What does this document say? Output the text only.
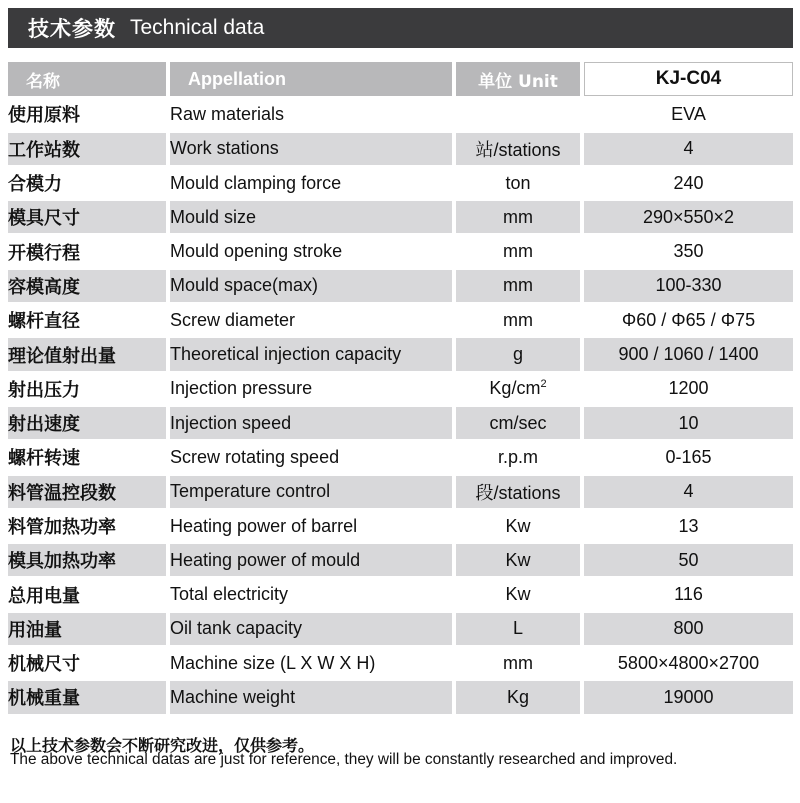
技术参数 Technical data
名称	Appellation	单位 Unit	KJ-C04
使用原料	Raw materials		EVA
工作站数	Work stations	站/stations	4
合模力	Mould clamping force	ton	240
模具尺寸	Mould size	mm	290×550×2
开模行程	Mould opening stroke	mm	350
容模高度	Mould space(max)	mm	100-330
螺杆直径	Screw diameter	mm	Φ60 / Φ65 / Φ75
理论值射出量	Theoretical injection capacity	g	900 / 1060 / 1400
射出压力	Injection pressure	$Kg/cm^2$	1200
射出速度	Injection speed	cm/sec	10
螺杆转速	Screw rotating speed	r.p.m	0-165
料管温控段数	Temperature control	段/stations	4
料管加热功率	Heating power of barrel	Kw	13
模具加热功率	Heating power of mould	Kw	50
总用电量	Total electricity	Kw	116
用油量	Oil tank capacity	L	800
机械尺寸	Machine size (L X W X H)	mm	5800×4800×2700
机械重量	Machine weight	Kg	19000
以上技术参数会不断研究改进，仅供参考。
The above technical datas are just for reference, they will be constantly researched and improved.
